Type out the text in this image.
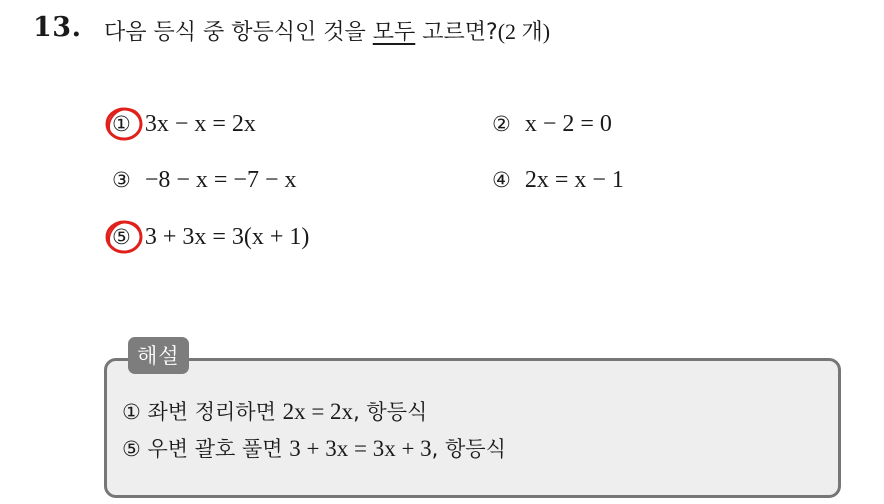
13. 다음 등식 중 항등식인 것을 모두 고르면?(2 개)
① 3x − x = 2x	② x − 2 = 0
③ −8 − x = −7 − x	④ 2x = x − 1
⑤ 3 + 3x = 3(x + 1)
해설
① 좌변 정리하면 2x = 2x, 항등식
⑤ 우변 괄호 풀면 3 + 3x = 3x + 3, 항등식
